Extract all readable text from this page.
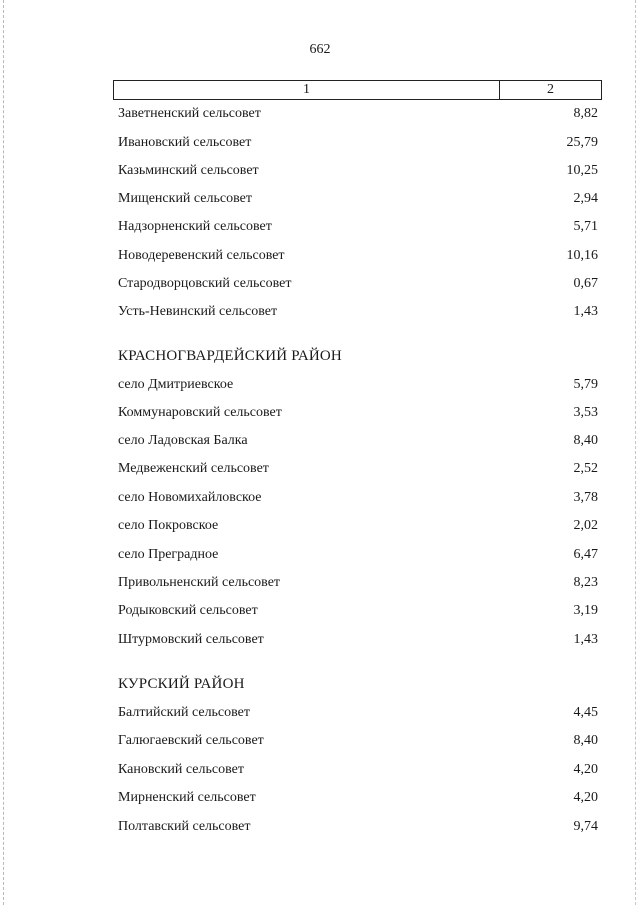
662
1	2
Заветненский сельсовет	8,82
Ивановский сельсовет	25,79
Казьминский сельсовет	10,25
Мищенский сельсовет	2,94
Надзорненский сельсовет	5,71
Новодеревенский сельсовет	10,16
Стародворцовский сельсовет	0,67
Усть-Невинский сельсовет	1,43
КРАСНОГВАРДЕЙСКИЙ РАЙОН
село Дмитриевское	5,79
Коммунаровский сельсовет	3,53
село Ладовская Балка	8,40
Медвеженский сельсовет	2,52
село Новомихайловское	3,78
село Покровское	2,02
село Преградное	6,47
Привольненский сельсовет	8,23
Родыковский сельсовет	3,19
Штурмовский сельсовет	1,43
КУРСКИЙ РАЙОН
Балтийский сельсовет	4,45
Галюгаевский сельсовет	8,40
Кановский сельсовет	4,20
Мирненский сельсовет	4,20
Полтавский сельсовет	9,74
